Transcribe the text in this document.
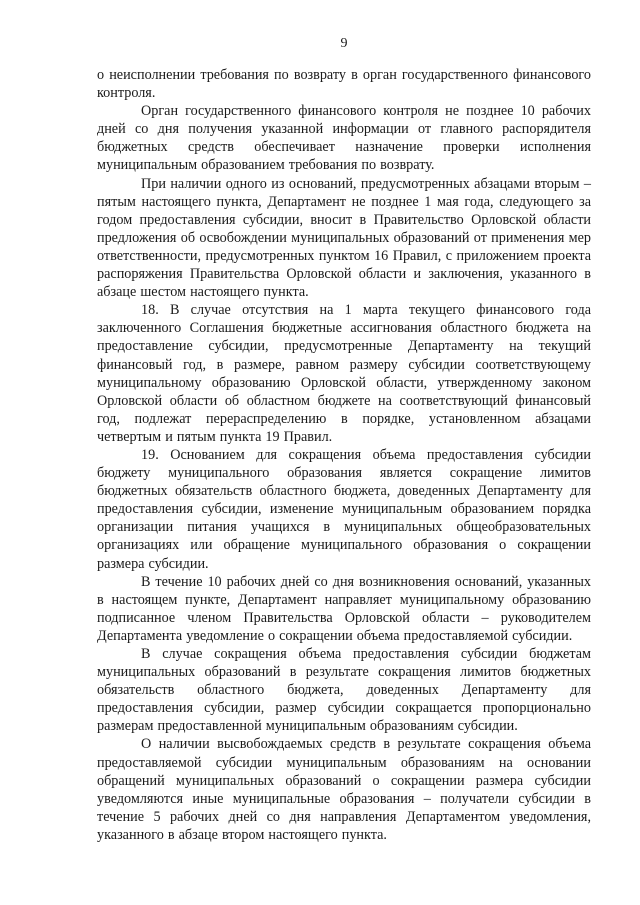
9

о неисполнении требования по возврату в орган государственного финансового контроля.

Орган государственного финансового контроля не позднее 10 рабочих дней со дня получения указанной информации от главного распорядителя бюджетных средств обеспечивает назначение проверки исполнения муниципальным образованием требования по возврату.

При наличии одного из оснований, предусмотренных абзацами вторым – пятым настоящего пункта, Департамент не позднее 1 мая года, следующего за годом предоставления субсидии, вносит в Правительство Орловской области предложения об освобождении муниципальных образований от применения мер ответственности, предусмотренных пунктом 16 Правил, с приложением проекта распоряжения Правительства Орловской области и заключения, указанного в абзаце шестом настоящего пункта.

18. В случае отсутствия на 1 марта текущего финансового года заключенного Соглашения бюджетные ассигнования областного бюджета на предоставление субсидии, предусмотренные Департаменту на текущий финансовый год, в размере, равном размеру субсидии соответствующему муниципальному образованию Орловской области, утвержденному законом Орловской области об областном бюджете на соответствующий финансовый год, подлежат перераспределению в порядке, установленном абзацами четвертым и пятым пункта 19 Правил.

19. Основанием для сокращения объема предоставления субсидии бюджету муниципального образования является сокращение лимитов бюджетных обязательств областного бюджета, доведенных Департаменту для предоставления субсидии, изменение муниципальным образованием порядка организации питания учащихся в муниципальных общеобразовательных организациях или обращение муниципального образования о сокращении размера субсидии.

В течение 10 рабочих дней со дня возникновения оснований, указанных в настоящем пункте, Департамент направляет муниципальному образованию подписанное членом Правительства Орловской области – руководителем Департамента уведомление о сокращении объема предоставляемой субсидии.

В случае сокращения объема предоставления субсидии бюджетам муниципальных образований в результате сокращения лимитов бюджетных обязательств областного бюджета, доведенных Департаменту для предоставления субсидии, размер субсидии сокращается пропорционально размерам предоставленной муниципальным образованиям субсидии.

О наличии высвобождаемых средств в результате сокращения объема предоставляемой субсидии муниципальным образованиям на основании обращений муниципальных образований о сокращении размера субсидии уведомляются иные муниципальные образования – получатели субсидии в течение 5 рабочих дней со дня направления Департаментом уведомления, указанного в абзаце втором настоящего пункта.
